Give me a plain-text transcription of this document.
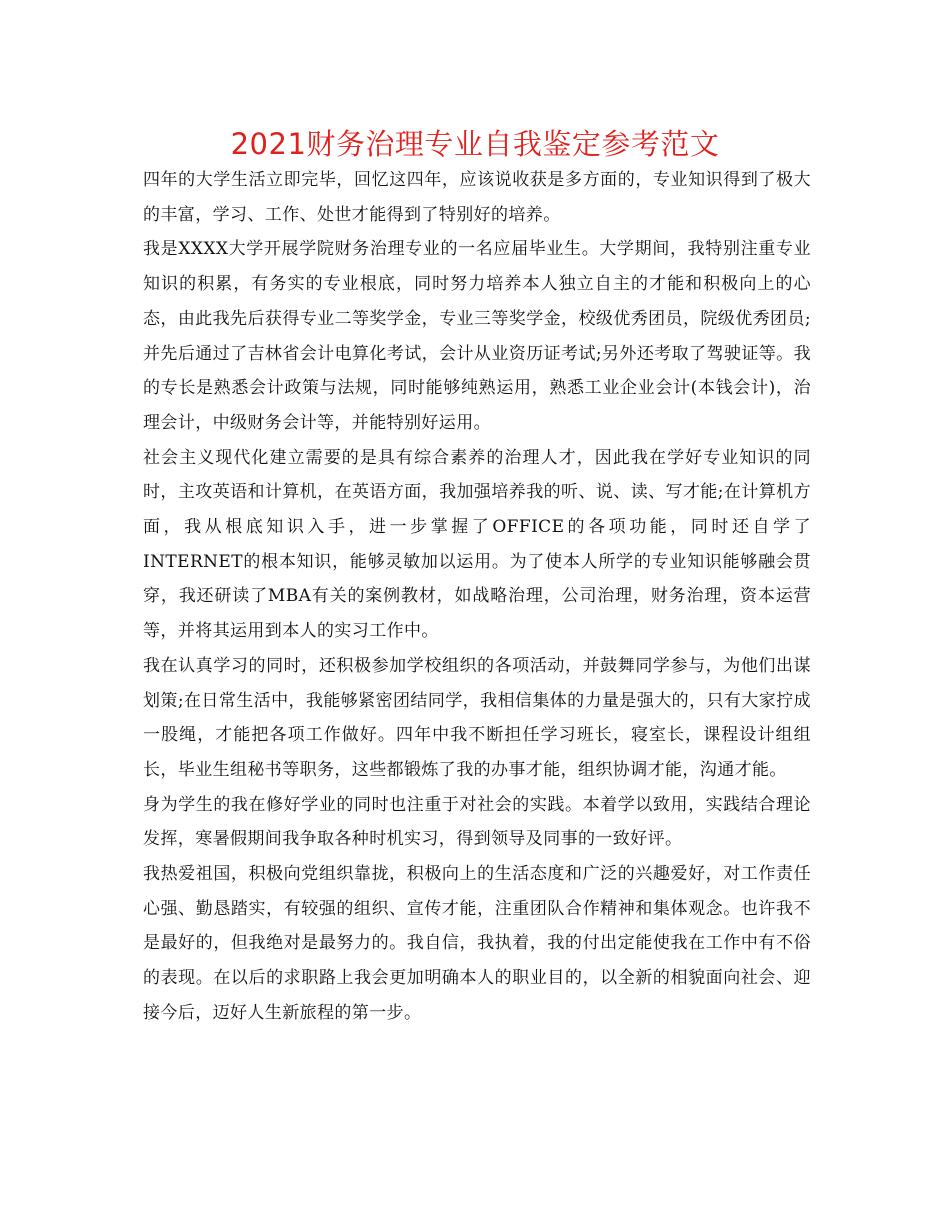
2021财务治理专业自我鉴定参考范文

四年的大学生活立即完毕，回忆这四年，应该说收获是多方面的，专业知识得到了极大的丰富，学习、工作、处世才能得到了特别好的培养。

我是XXXX大学开展学院财务治理专业的一名应届毕业生。大学期间，我特别注重专业知识的积累，有务实的专业根底，同时努力培养本人独立自主的才能和积极向上的心态，由此我先后获得专业二等奖学金，专业三等奖学金，校级优秀团员，院级优秀团员;并先后通过了吉林省会计电算化考试，会计从业资历证考试;另外还考取了驾驶证等。我的专长是熟悉会计政策与法规，同时能够纯熟运用，熟悉工业企业会计(本钱会计)，治理会计，中级财务会计等，并能特别好运用。

社会主义现代化建立需要的是具有综合素养的治理人才，因此我在学好专业知识的同时，主攻英语和计算机，在英语方面，我加强培养我的听、说、读、写才能;在计算机方面，我从根底知识入手，进一步掌握了OFFICE的各项功能，同时还自学了INTERNET的根本知识，能够灵敏加以运用。为了使本人所学的专业知识能够融会贯穿，我还研读了MBA有关的案例教材，如战略治理，公司治理，财务治理，资本运营等，并将其运用到本人的实习工作中。

我在认真学习的同时，还积极参加学校组织的各项活动，并鼓舞同学参与，为他们出谋划策;在日常生活中，我能够紧密团结同学，我相信集体的力量是强大的，只有大家拧成一股绳，才能把各项工作做好。四年中我不断担任学习班长，寝室长，课程设计组组长，毕业生组秘书等职务，这些都锻炼了我的办事才能，组织协调才能，沟通才能。

身为学生的我在修好学业的同时也注重于对社会的实践。本着学以致用，实践结合理论发挥，寒暑假期间我争取各种时机实习，得到领导及同事的一致好评。

我热爱祖国，积极向党组织靠拢，积极向上的生活态度和广泛的兴趣爱好，对工作责任心强、勤恳踏实，有较强的组织、宣传才能，注重团队合作精神和集体观念。也许我不是最好的，但我绝对是最努力的。我自信，我执着，我的付出定能使我在工作中有不俗的表现。在以后的求职路上我会更加明确本人的职业目的，以全新的相貌面向社会、迎接今后，迈好人生新旅程的第一步。
